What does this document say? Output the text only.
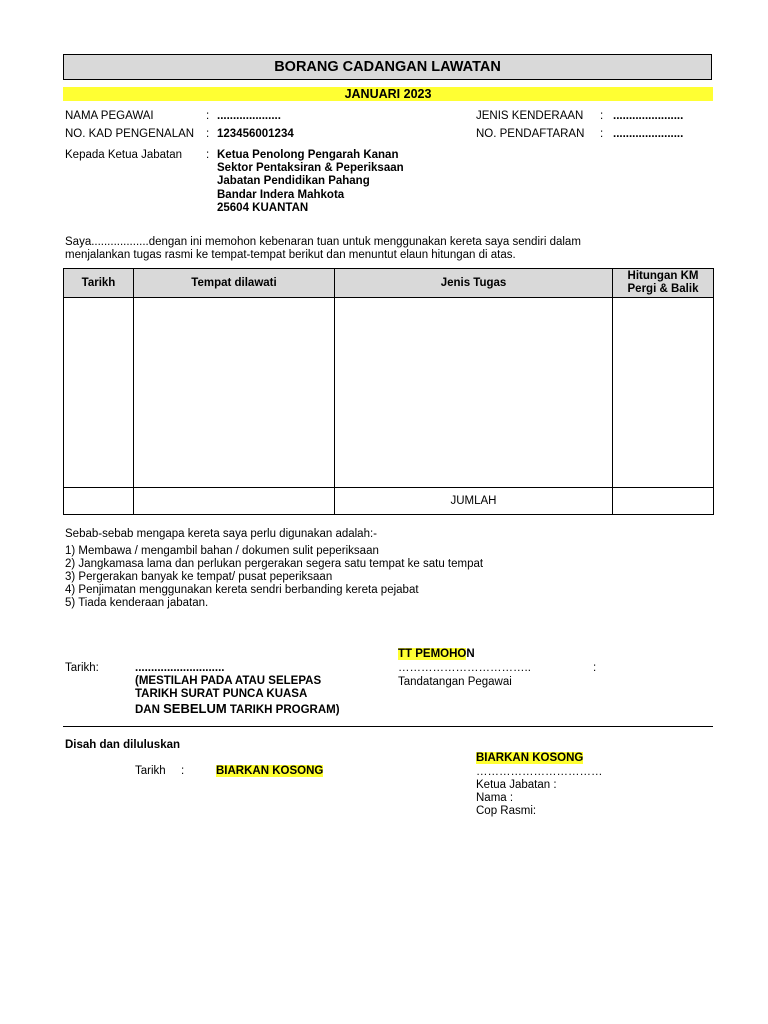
BORANG CADANGAN LAWATAN
JANUARI 2023
NAMA PEGAWAI	: ....................
NO. KAD PENGENALAN	: 123456001234
JENIS KENDERAAN	: ......................
NO. PENDAFTARAN	: ......................
Kepada Ketua Jabatan : Ketua Penolong Pengarah Kanan
Sektor Pentaksiran & Peperiksaan
Jabatan Pendidikan Pahang
Bandar Indera Mahkota
25604 KUANTAN
Saya..................dengan ini memohon kebenaran tuan untuk menggunakan kereta saya sendiri dalam
menjalankan tugas rasmi ke tempat-tempat berikut dan menuntut elaun hitungan di atas.
Tarikh	Tempat dilawati	Jenis Tugas	Hitungan KM
Pergi & Balik

		JUMLAH	
Sebab-sebab mengapa kereta saya perlu digunakan adalah:-
1) Membawa / mengambil bahan / dokumen sulit peperiksaan
2) Jangkamasa lama dan perlukan pergerakan segera satu tempat ke satu tempat
3) Pergerakan banyak ke tempat/ pusat peperiksaan
4) Penjimatan menggunakan kereta sendri berbanding kereta pejabat
5) Tiada kenderaan jabatan.
TT PEMOHON
Tarikh:	............................
(MESTILAH PADA ATAU SELEPAS
TARIKH SURAT PUNCA KUASA
DAN SEBELUM TARIKH PROGRAM)
……………………………..	:
Tandatangan Pegawai
Disah dan diluluskan
Tarikh :	BIARKAN KOSONG
BIARKAN KOSONG
……………………………
Ketua Jabatan :
Nama :
Cop Rasmi:
